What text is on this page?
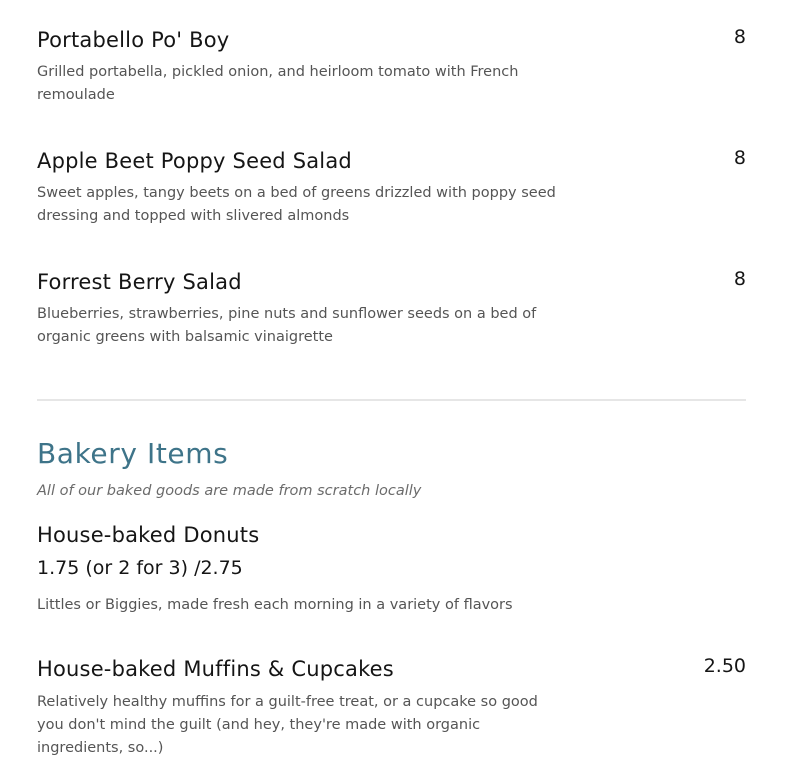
Portabello Po' Boy	8
Grilled portabella, pickled onion, and heirloom tomato with French remoulade
Apple Beet Poppy Seed Salad	8
Sweet apples, tangy beets on a bed of greens drizzled with poppy seed dressing and topped with slivered almonds
Forrest Berry Salad	8
Blueberries, strawberries, pine nuts and sunflower seeds on a bed of organic greens with balsamic vinaigrette
Bakery Items
All of our baked goods are made from scratch locally
House-baked Donuts
1.75 (or 2 for 3) /2.75
Littles or Biggies, made fresh each morning in a variety of flavors
House-baked Muffins & Cupcakes	2.50
Relatively healthy muffins for a guilt-free treat, or a cupcake so good you don't mind the guilt (and hey, they're made with organic ingredients, so...)
